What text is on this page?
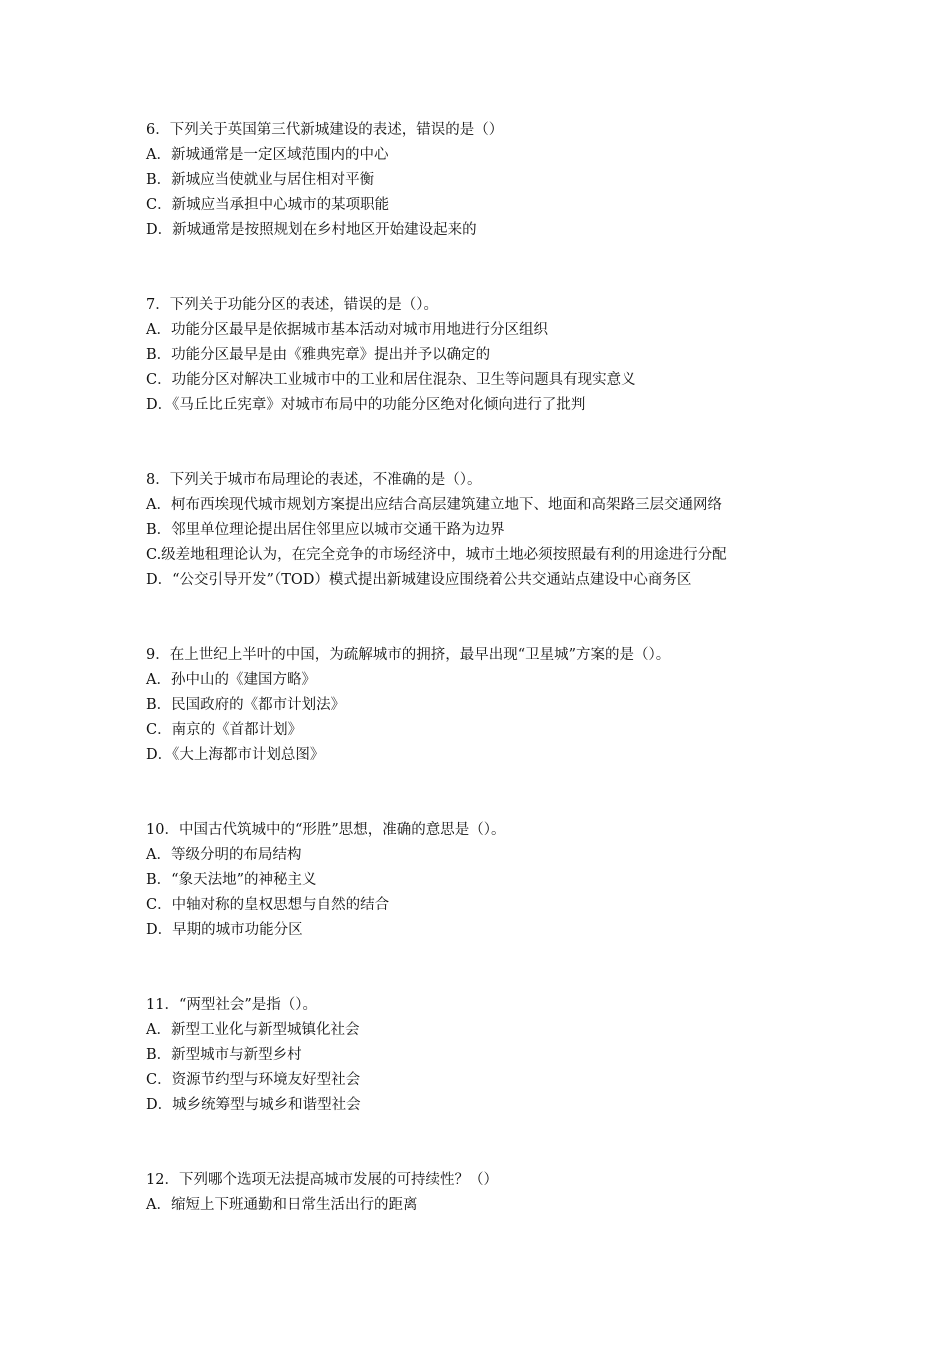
6．下列关于英国第三代新城建设的表述，错误的是（）
A．新城通常是一定区域范围内的中心
B．新城应当使就业与居住相对平衡
C．新城应当承担中心城市的某项职能
D．新城通常是按照规划在乡村地区开始建设起来的
7．下列关于功能分区的表述，错误的是（）。
A．功能分区最早是依据城市基本活动对城市用地进行分区组织
B．功能分区最早是由《雅典宪章》提出并予以确定的
C．功能分区对解决工业城市中的工业和居住混杂、卫生等问题具有现实意义
D．《马丘比丘宪章》对城市布局中的功能分区绝对化倾向进行了批判
8．下列关于城市布局理论的表述，不准确的是（）。
A．柯布西埃现代城市规划方案提出应结合高层建筑建立地下、地面和高架路三层交通网络
B．邻里单位理论提出居住邻里应以城市交通干路为边界
C.级差地租理论认为，在完全竞争的市场经济中，城市土地必须按照最有利的用途进行分配
D．“公交引导开发”（TOD）模式提出新城建设应围绕着公共交通站点建设中心商务区
9．在上世纪上半叶的中国，为疏解城市的拥挤，最早出现“卫星城”方案的是（）。
A．孙中山的《建国方略》
B．民国政府的《都市计划法》
C．南京的《首都计划》
D．《大上海都市计划总图》
10．中国古代筑城中的“形胜”思想，准确的意思是（）。
A．等级分明的布局结构
B．“象天法地”的神秘主义
C．中轴对称的皇权思想与自然的结合
D．早期的城市功能分区
11．“两型社会”是指（）。
A．新型工业化与新型城镇化社会
B．新型城市与新型乡村
C．资源节约型与环境友好型社会
D．城乡统筹型与城乡和谐型社会
12．下列哪个选项无法提高城市发展的可持续性？（）
A．缩短上下班通勤和日常生活出行的距离
